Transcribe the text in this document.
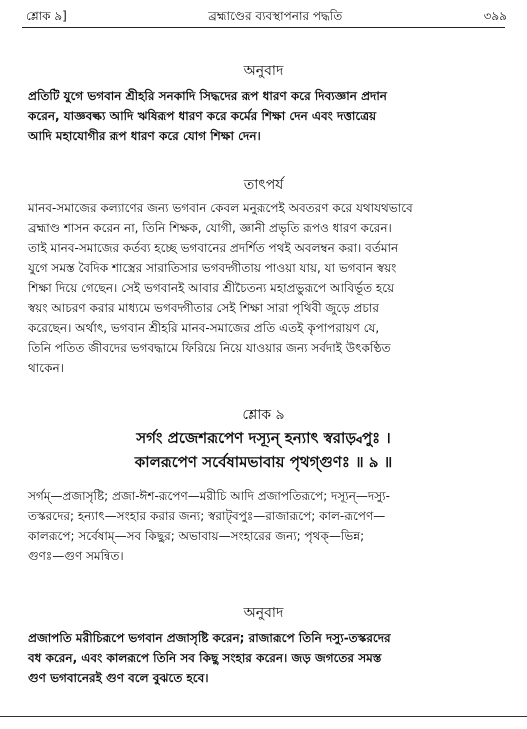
শ্লোক ৯]	ব্রহ্মাণ্ডের ব্যবস্থাপনার পদ্ধতি	৩৯৯
অনুবাদ
প্রতিটি যুগে ভগবান শ্রীহরি সনকাদি সিদ্ধদের রূপ ধারণ করে দিব্যজ্ঞান প্রদান
করেন, যাজ্ঞবল্ক্য আদি ঋষিরূপ ধারণ করে কর্মের শিক্ষা দেন এবং দত্তাত্রেয়
আদি মহাযোগীর রূপ ধারণ করে যোগ শিক্ষা দেন।
তাৎপর্য
মানব-সমাজের কল্যাণের জন্য ভগবান কেবল মনুরূপেই অবতরণ করে যথাযথভাবে
ব্রহ্মাণ্ড শাসন করেন না, তিনি শিক্ষক, যোগী, জ্ঞানী প্রভৃতি রূপও ধারণ করেন।
তাই মানব-সমাজের কর্তব্য হচ্ছে ভগবানের প্রদর্শিত পথই অবলম্বন করা। বর্তমান
যুগে সমস্ত বৈদিক শাস্ত্রের সারাতিসার ভগবদ্গীতায় পাওয়া যায়, যা ভগবান স্বয়ং
শিক্ষা দিয়ে গেছেন। সেই ভগবানই আবার শ্রীচৈতন্য মহাপ্রভুরূপে আবির্ভূত হয়ে
স্বয়ং আচরণ করার মাধ্যমে ভগবদ্গীতার সেই শিক্ষা সারা পৃথিবী জুড়ে প্রচার
করেছেন। অর্থাৎ, ভগবান শ্রীহরি মানব-সমাজের প্রতি এতই কৃপাপরায়ণ যে,
তিনি পতিত জীবদের ভগবদ্ধামে ফিরিয়ে নিয়ে যাওয়ার জন্য সর্বদাই উৎকণ্ঠিত
থাকেন।
শ্লোক ৯
সর্গং প্রজেশরূপেণ দস্যূন্ হন্যাৎ স্বরাড়্বপুঃ ।
কালরূপেণ সর্বেষামভাবায় পৃথগ্‌গুণঃ ॥ ৯ ॥
সর্গম্—প্রজাসৃষ্টি; প্রজা-ঈশ-রূপেণ—মরীচি আদি প্রজাপতিরূপে; দস্যূন্—দস্যু-
তস্করদের; হন্যাৎ—সংহার করার জন্য; স্বরাট্‌বপুঃ—রাজারূপে; কাল-রূপেণ—
কালরূপে; সর্বেষাম্—সব কিছুর; অভাবায়—সংহারের জন্য; পৃথক্—ভিন্ন;
গুণঃ—গুণ সমন্বিত।
অনুবাদ
প্রজাপতি মরীচিরূপে ভগবান প্রজাসৃষ্টি করেন; রাজারূপে তিনি দস্যু-তস্করদের
বধ করেন, এবং কালরূপে তিনি সব কিছু সংহার করেন। জড় জগতের সমস্ত
গুণ ভগবানেরই গুণ বলে বুঝতে হবে।
